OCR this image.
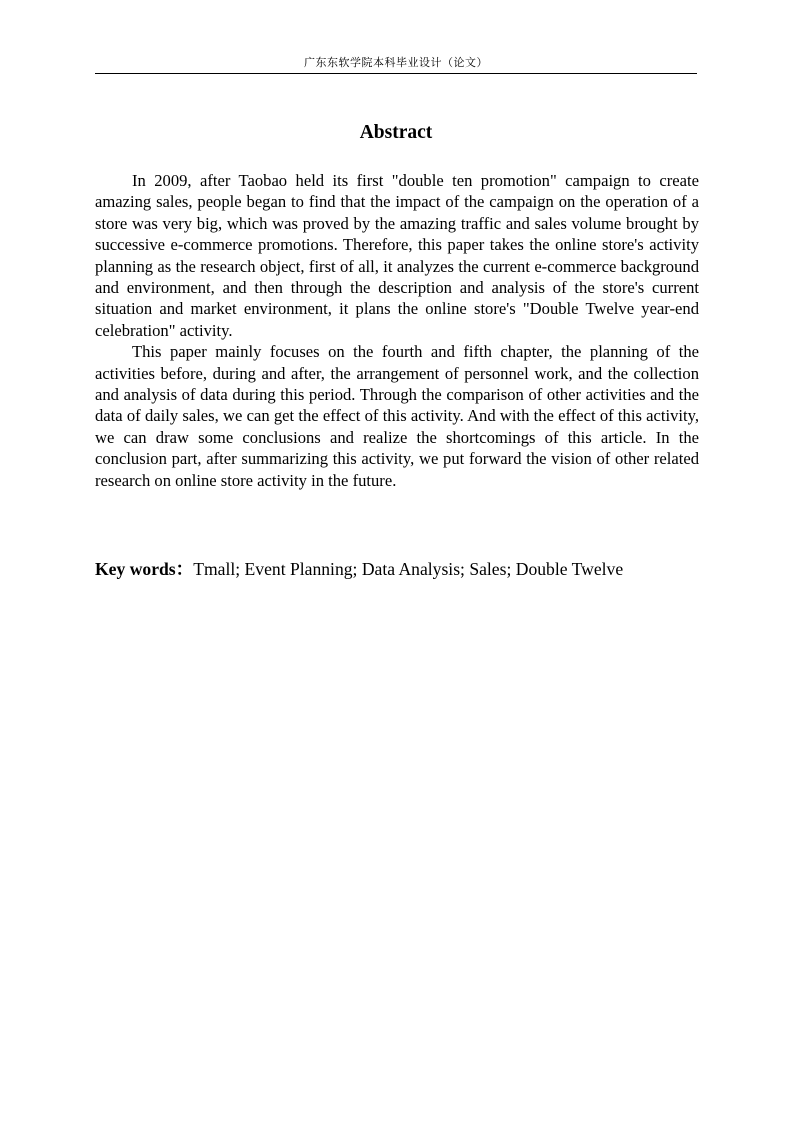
广东东软学院本科毕业设计（论文）
Abstract

In 2009, after Taobao held its first "double ten promotion" campaign to create amazing sales, people began to find that the impact of the campaign on the operation of a store was very big, which was proved by the amazing traffic and sales volume brought by successive e-commerce promotions. Therefore, this paper takes the online store's activity planning as the research object, first of all, it analyzes the current e-commerce background and environment, and then through the description and analysis of the store's current situation and market environment, it plans the online store's "Double Twelve year-end celebration" activity.

This paper mainly focuses on the fourth and fifth chapter, the planning of the activities before, during and after, the arrangement of personnel work, and the collection and analysis of data during this period. Through the comparison of other activities and the data of daily sales, we can get the effect of this activity. And with the effect of this activity, we can draw some conclusions and realize the shortcomings of this article. In the conclusion part, after summarizing this activity, we put forward the vision of other related research on online store activity in the future.

Key words：Tmall; Event Planning; Data Analysis; Sales; Double Twelve
